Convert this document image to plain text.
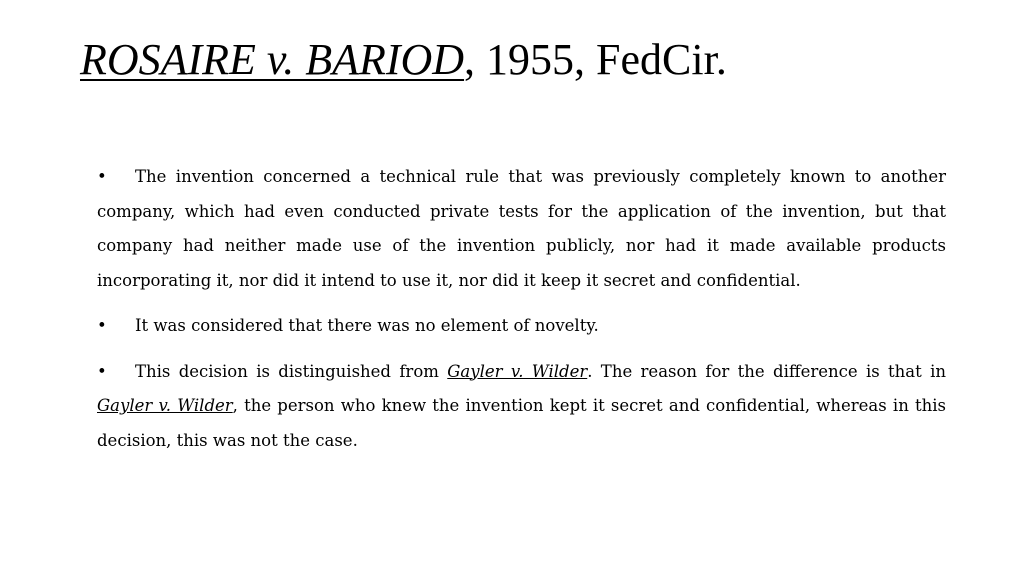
ROSAIRE v. BARIOD, 1955, FedCir.

• The invention concerned a technical rule that was previously completely known to another company, which had even conducted private tests for the application of the invention, but that company had neither made use of the invention publicly, nor had it made available products incorporating it, nor did it intend to use it, nor did it keep it secret and confidential.

• It was considered that there was no element of novelty.

• This decision is distinguished from Gayler v. Wilder. The reason for the difference is that in Gayler v. Wilder, the person who knew the invention kept it secret and confidential, whereas in this decision, this was not the case.
